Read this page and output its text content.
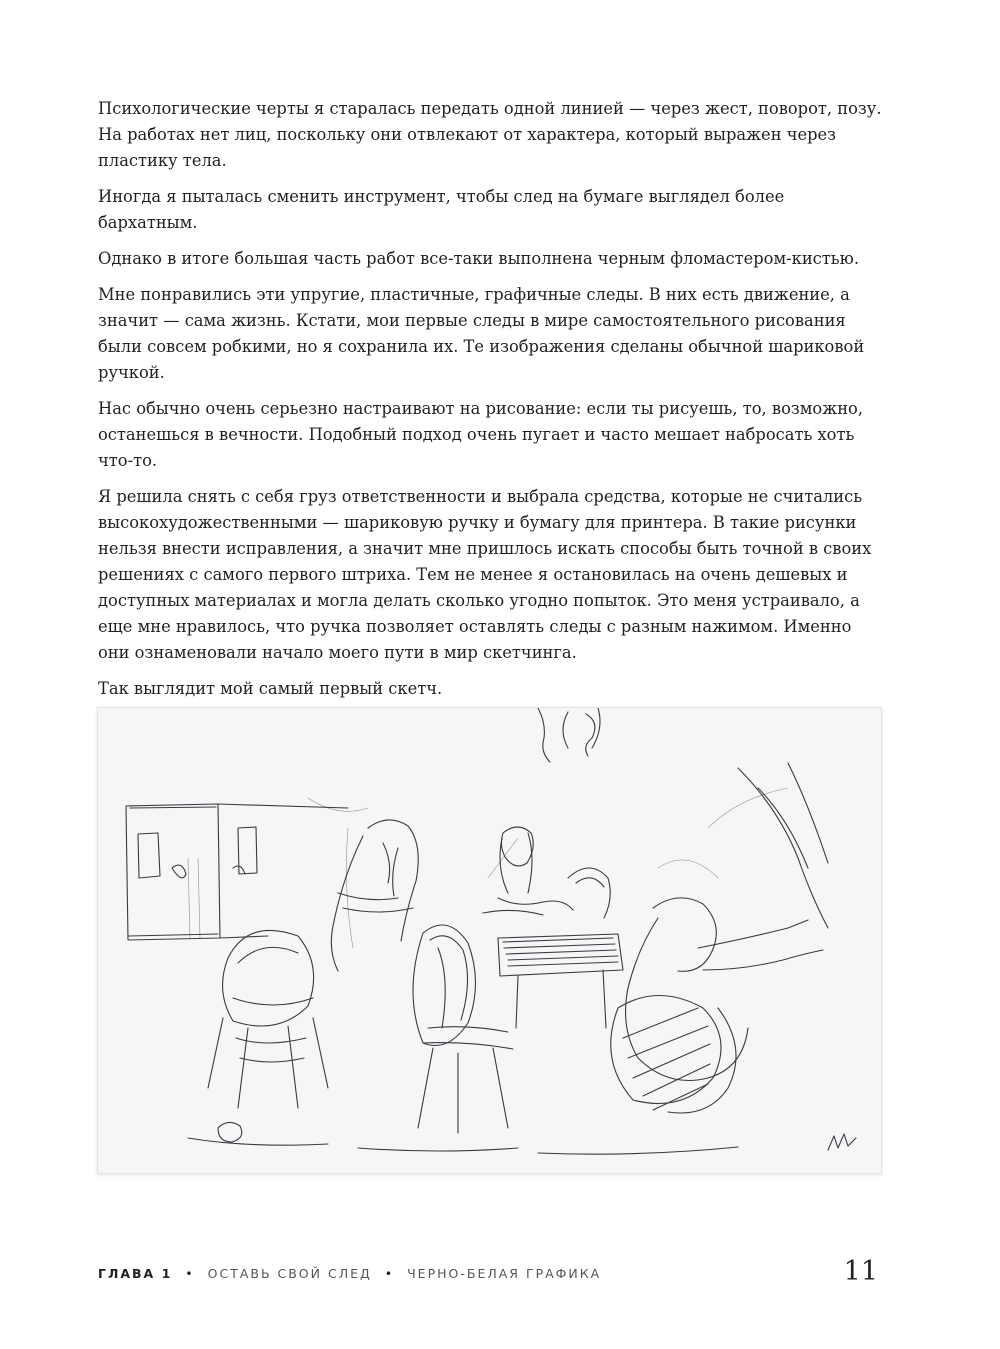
Психологические черты я старалась передать одной линией — через жест, поворот, позу. На работах нет лиц, поскольку они отвлекают от характера, который выражен через пластику тела.

Иногда я пыталась сменить инструмент, чтобы след на бумаге выглядел более бархатным.

Однако в итоге большая часть работ все-таки выполнена черным фломастером-кистью.

Мне понравились эти упругие, пластичные, графичные следы. В них есть движение, а значит — сама жизнь. Кстати, мои первые следы в мире самостоятельного рисования были совсем робкими, но я сохранила их. Те изображения сделаны обычной шариковой ручкой.

Нас обычно очень серьезно настраивают на рисование: если ты рисуешь, то, возможно, останешься в вечности. Подобный подход очень пугает и часто мешает набросать хоть что-то.

Я решила снять с себя груз ответственности и выбрала средства, которые не считались высокохудожественными — шариковую ручку и бумагу для принтера. В такие рисунки нельзя внести исправления, а значит мне пришлось искать способы быть точной в своих решениях с самого первого штриха. Тем не менее я остановилась на очень дешевых и доступных материалах и могла делать сколько угодно попыток. Это меня устраивало, а еще мне нравилось, что ручка позволяет оставлять следы с разным нажимом. Именно они ознаменовали начало моего пути в мир скетчинга.

Так выглядит мой самый первый скетч.

ГЛАВА 1 • ОСТАВЬ СВОЙ СЛЕД • ЧЕРНО-БЕЛАЯ ГРАФИКА	11
